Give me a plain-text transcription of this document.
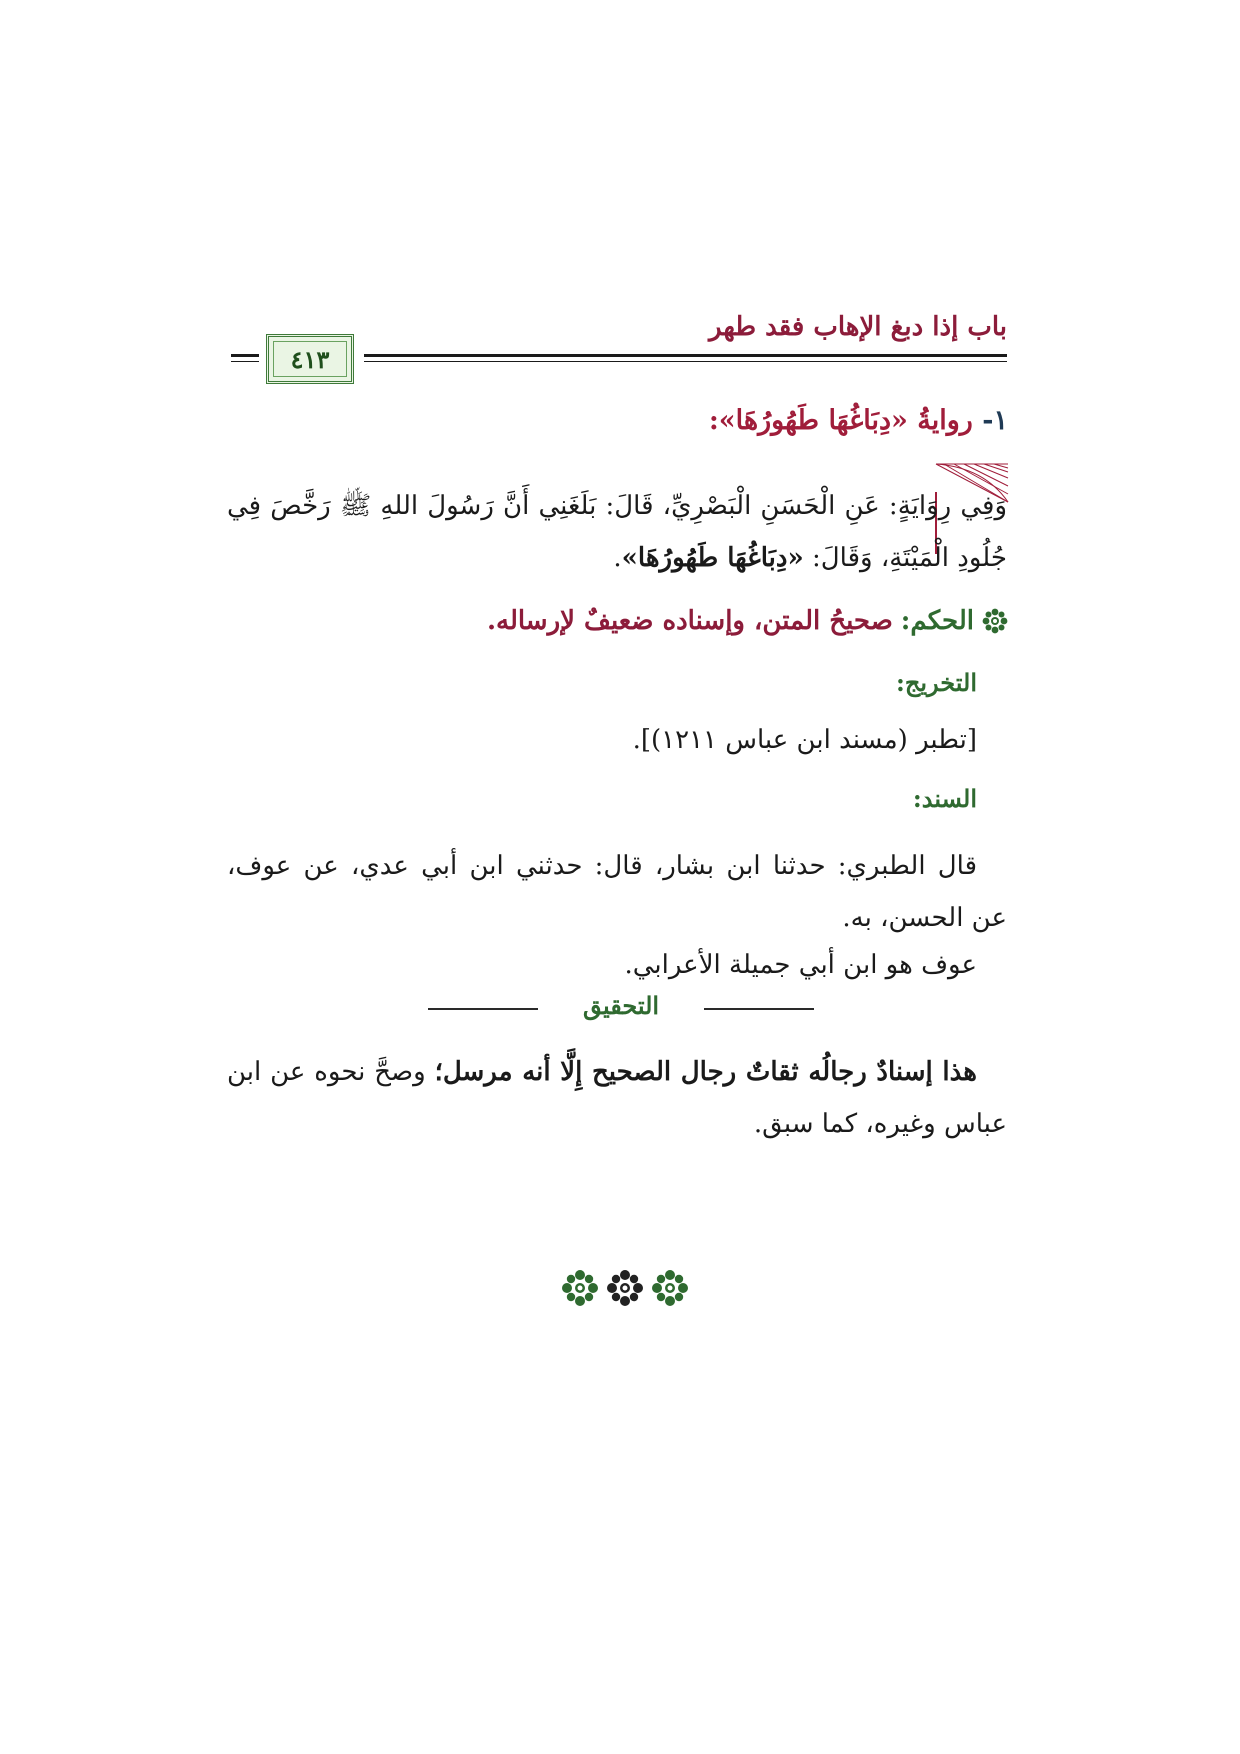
باب إذا دبغ الإهاب فقد طهر
٤١٣
١- روايةُ «دِبَاغُهَا طَهُورُهَا»:
وَفِي رِوَايَةٍ: عَنِ الْحَسَنِ الْبَصْرِيِّ، قَالَ: بَلَغَنِي أَنَّ رَسُولَ اللهِ ﷺ رَخَّصَ فِي جُلُودِ الْمَيْتَةِ، وَقَالَ: «دِبَاغُهَا طَهُورُهَا».
الحكم:
صحيحُ المتن، وإسناده ضعيفٌ لإرساله.
التخريج:
[تطبر (مسند ابن عباس ١٢١١)].
السند:
قال الطبري: حدثنا ابن بشار، قال: حدثني ابن أبي عدي، عن عوف، عن الحسن، به.
عوف هو ابن أبي جميلة الأعرابي.
التحقيق
هذا إسنادٌ رجالُه ثقاتٌ رجال الصحيح إِلَّا أنه مرسل؛ وصحَّ نحوه عن ابن عباس وغيره، كما سبق.
